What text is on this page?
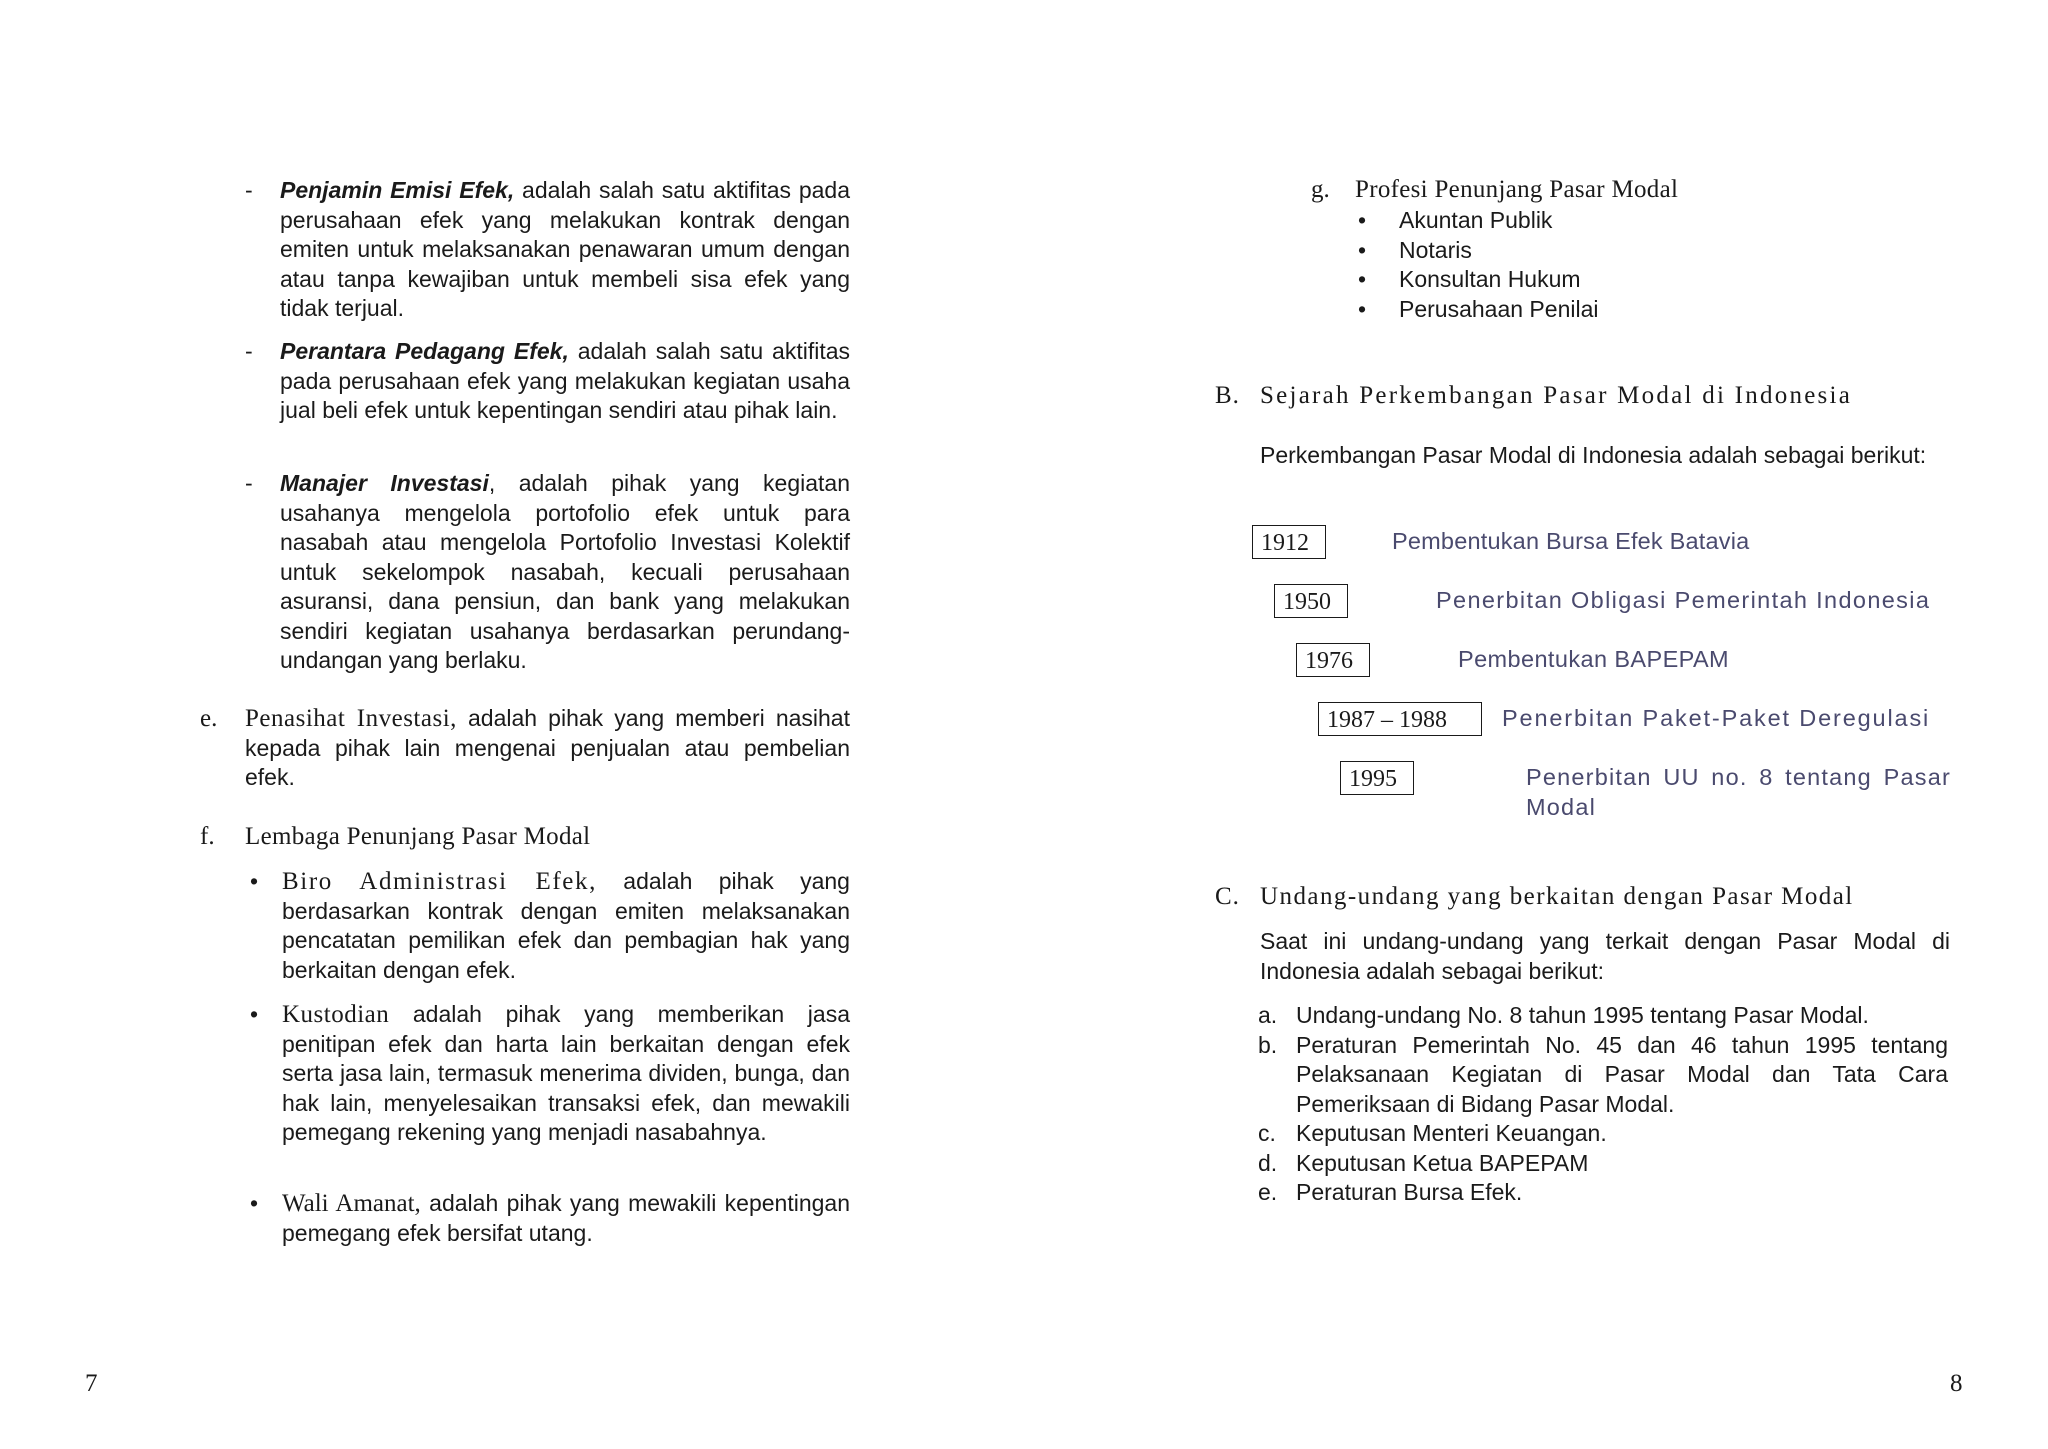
- Penjamin Emisi Efek, adalah salah satu aktifitas pada perusahaan efek yang melakukan kontrak dengan emiten untuk melaksanakan penawaran umum dengan atau tanpa kewajiban untuk membeli sisa efek yang tidak terjual.
- Perantara Pedagang Efek, adalah salah satu aktifitas pada perusahaan efek yang melakukan kegiatan usaha jual beli efek untuk kepentingan sendiri atau pihak lain.
- Manajer Investasi, adalah pihak yang kegiatan usahanya mengelola portofolio efek untuk para nasabah atau mengelola Portofolio Investasi Kolektif untuk sekelompok nasabah, kecuali perusahaan asuransi, dana pensiun, dan bank yang melakukan sendiri kegiatan usahanya berdasarkan perundang-undangan yang berlaku.
e. Penasihat Investasi, adalah pihak yang memberi nasihat kepada pihak lain mengenai penjualan atau pembelian efek.
f. Lembaga Penunjang Pasar Modal
• Biro Administrasi Efek, adalah pihak yang berdasarkan kontrak dengan emiten melaksanakan pencatatan pemilikan efek dan pembagian hak yang berkaitan dengan efek.
• Kustodian adalah pihak yang memberikan jasa penitipan efek dan harta lain berkaitan dengan efek serta jasa lain, termasuk menerima dividen, bunga, dan hak lain, menyelesaikan transaksi efek, dan mewakili pemegang rekening yang menjadi nasabahnya.
• Wali Amanat, adalah pihak yang mewakili kepentingan pemegang efek bersifat utang.
7
g. Profesi Penunjang Pasar Modal
• Akuntan Publik
• Notaris
• Konsultan Hukum
• Perusahaan Penilai
B. Sejarah Perkembangan Pasar Modal di Indonesia
Perkembangan Pasar Modal di Indonesia adalah sebagai berikut:
1912	Pembentukan Bursa Efek Batavia
1950	Penerbitan Obligasi Pemerintah Indonesia
1976	Pembentukan BAPEPAM
1987 – 1988	Penerbitan Paket-Paket Deregulasi
1995	Penerbitan UU no. 8 tentang Pasar Modal
C. Undang-undang yang berkaitan dengan Pasar Modal
Saat ini undang-undang yang terkait dengan Pasar Modal di Indonesia adalah sebagai berikut:
a. Undang-undang No. 8 tahun 1995 tentang Pasar Modal.
b. Peraturan Pemerintah No. 45 dan 46 tahun 1995 tentang Pelaksanaan Kegiatan di Pasar Modal dan Tata Cara Pemeriksaan di Bidang Pasar Modal.
c. Keputusan Menteri Keuangan.
d. Keputusan Ketua BAPEPAM
e. Peraturan Bursa Efek.
8
